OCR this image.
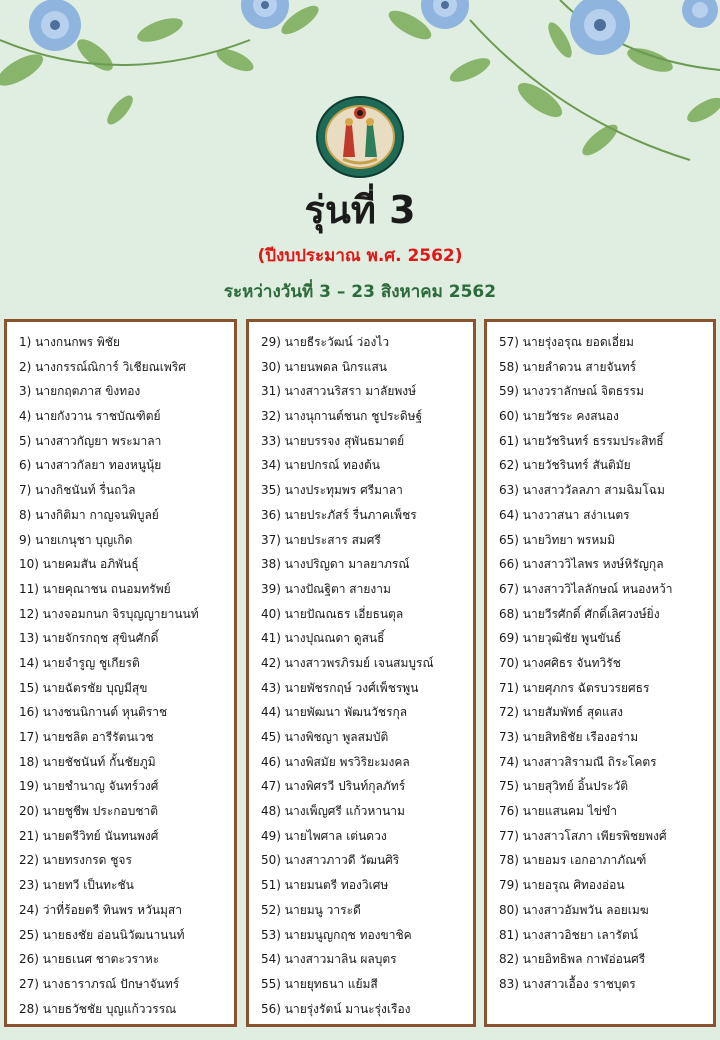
รุ่นที่ 3
(ปีงบประมาณ พ.ศ. 2562)
ระหว่างวันที่ 3 – 23 สิงหาคม 2562
1) นางกนกพร พิชัย
2) นางกรรณ์ณิการ์ วิเชียณเพริศ
3) นายกฤตภาส ขิงทอง
4) นายกังวาน ราชบัณฑิตย์
5) นางสาวกัญยา พระมาลา
6) นางสาวกัลยา ทองหนูนุ้ย
7) นางกิชนันท์ รื่นถวิล
8) นางกิติมา กาญจนพิบูลย์
9) นายเกนุชา บุญเกิด
10) นายคมสัน อภิพันธุ์
11) นายคุณาชน ถนอมทรัพย์
12) นางจอมกนก จิรบุญญายานนท์
13) นายจักรกฤช สุขินศักดิ์
14) นายจำรูญ ชูเกียรติ
15) นายฉัตรชัย บุญมีสุข
16) นางชนนิกานต์ หุนติราช
17) นายชลิต อารีรัตนเวช
18) นายชัชนันท์ กั้นชัยภูมิ
19) นายชำนาญ จันทร์วงศ์
20) นายชูชีพ ประกอบชาติ
21) นายตรีวิทย์ นันทนพงศ์
22) นายทรงกรด ชูจร
23) นายทวี เป็นทะชัน
24) ว่าที่ร้อยตรี ทินพร หวันมุสา
25) นายธงชัย อ่อนนิวัฒนานนท์
26) นายธเนศ ชาตะวราหะ
27) นางธาราภรณ์ ปักษาจันทร์
28) นายธวัชชัย บุญแก้ววรรณ
29) นายธีระวัฒน์ ว่องไว
30) นายนพดล นิกรแสน
31) นางสาวนริสรา มาลัยพงษ์
32) นางนุกานต์ชนก ชูประดิษฐ์
33) นายบรรจง สุพันธมาตย์
34) นายปกรณ์ ทองต้น
35) นางประทุมพร ศรีมาลา
36) นายประภัสร์ รื่นภาคเพ็ชร
37) นายประสาร สมศรี
38) นางปริญดา มาลยาภรณ์
39) นางปัณฐิตา สายงาม
40) นายปัณณธร เอี่ยธนตุล
41) นางปุณณดา ดูสนธิ์
42) นางสาวพรภิรมย์ เจนสมบูรณ์
43) นายพัชรกฤษ์ วงศ์เพ็ชรพูน
44) นายพัฒนา พัฒนวัชรกุล
45) นางพิชญา พูลสมบัติ
46) นางพิสมัย พรวิริยะมงคล
47) นางพิศรวี ปรินท์กุลภัทร์
48) นางเพ็ญศรี แก้วหานาม
49) นายไพศาล เต่นดวง
50) นางสาวภาวดี วัฒนศิริ
51) นายมนตรี ทองวิเศษ
52) นายมนู วาระดี
53) นายมนูญกฤช ทองขาชิค
54) นางสาวมาลิน ผลบุตร
55) นายยุทธนา แย้มสี
56) นายรุ่งรัตน์ มานะรุ่งเรือง
57) นายรุ่งอรุณ ยอดเอี่ยม
58) นายลำดวน สายจันทร์
59) นางวราลักษณ์ จิตธรรม
60) นายวัชระ คงสนอง
61) นายวัชรินทร์ ธรรมประสิทธิ์
62) นายวัชรินทร์ สันติมัย
63) นางสาววัลลภา สามฉิมโฉม
64) นางวาสนา สง่าเนตร
65) นายวิทยา พรหมมิ
66) นางสาววิไลพร หงษ์หิรัญกุล
67) นางสาววิไลลักษณ์ หนองหว้า
68) นายวีรศักดิ์ ศักดิ์เลิศวงษ์ยิ่ง
69) นายวุฒิชัย พูนขันธ์
70) นางศศิธร จันทวิรัช
71) นายศุภกร ฉัตรบวรยศธร
72) นายสัมพัทธ์ สุดแสง
73) นายสิทธิชัย เรืองอร่าม
74) นางสาวสิรามณี ถิระโคตร
75) นายสุวิทย์ อิ้นประวัติ
76) นายแสนคม ไข่ขำ
77) นางสาวโสภา เพียรพิชยพงศ์
78) นายอมร เอกอาภาภัณฑ์
79) นายอรุณ ศิทองอ่อน
80) นางสาวอัมพวัน ลอยเมฆ
81) นางสาวอิชยา เลารัตน์
82) นายอิทธิพล กาฬอ่อนศรี
83) นางสาวเอื้อง ราชบุตร
